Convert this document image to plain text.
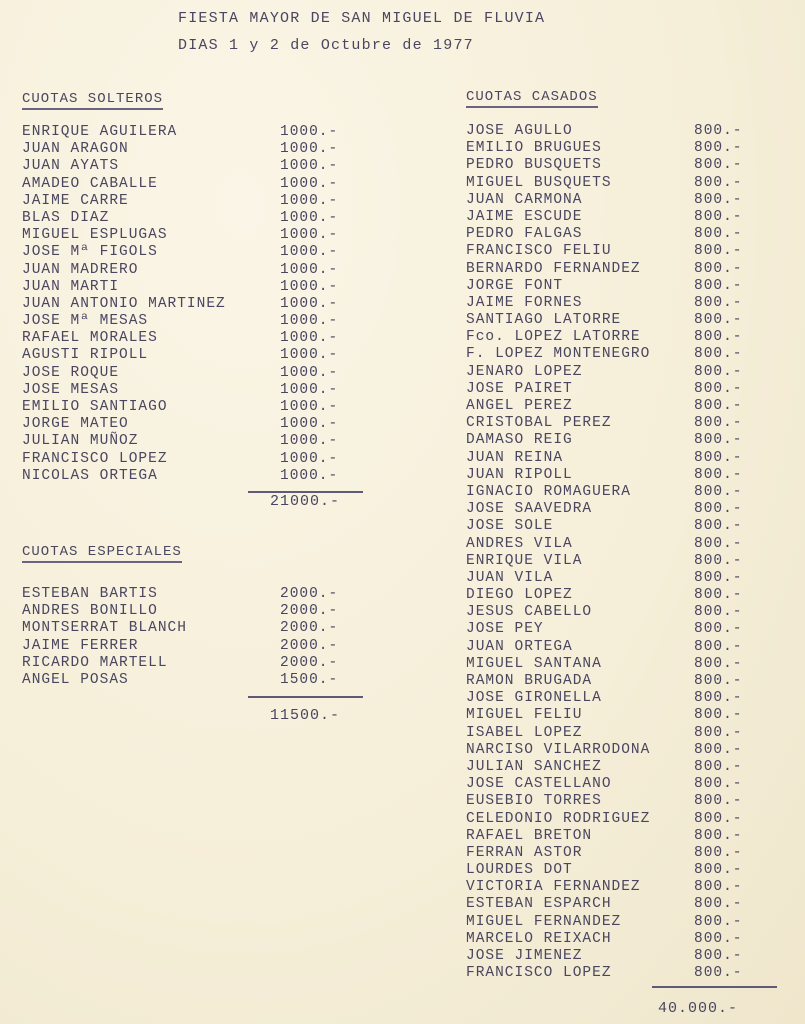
FIESTA MAYOR DE SAN MIGUEL DE FLUVIA
DIAS 1 y 2 de Octubre de 1977
CUOTAS SOLTEROS
ENRIQUE AGUILERA	1000.-
JUAN ARAGON	1000.-
JUAN AYATS	1000.-
AMADEO CABALLE	1000.-
JAIME CARRE	1000.-
BLAS DIAZ	1000.-
MIGUEL ESPLUGAS	1000.-
JOSE Mª FIGOLS	1000.-
JUAN MADRERO	1000.-
JUAN MARTI	1000.-
JUAN ANTONIO MARTINEZ	1000.-
JOSE Mª MESAS	1000.-
RAFAEL MORALES	1000.-
AGUSTI RIPOLL	1000.-
JOSE ROQUE	1000.-
JOSE MESAS	1000.-
EMILIO SANTIAGO	1000.-
JORGE MATEO	1000.-
JULIAN MUÑOZ	1000.-
FRANCISCO LOPEZ	1000.-
NICOLAS ORTEGA	1000.-
21000.-
CUOTAS ESPECIALES
ESTEBAN BARTIS	2000.-
ANDRES BONILLO	2000.-
MONTSERRAT BLANCH	2000.-
JAIME FERRER	2000.-
RICARDO MARTELL	2000.-
ANGEL POSAS	1500.-
11500.-
CUOTAS CASADOS
JOSE AGULLO	800.-
EMILIO BRUGUES	800.-
PEDRO BUSQUETS	800.-
MIGUEL BUSQUETS	800.-
JUAN CARMONA	800.-
JAIME ESCUDE	800.-
PEDRO FALGAS	800.-
FRANCISCO FELIU	800.-
BERNARDO FERNANDEZ	800.-
JORGE FONT	800.-
JAIME FORNES	800.-
SANTIAGO LATORRE	800.-
Fco. LOPEZ LATORRE	800.-
F. LOPEZ MONTENEGRO	800.-
JENARO LOPEZ	800.-
JOSE PAIRET	800.-
ANGEL PEREZ	800.-
CRISTOBAL PEREZ	800.-
DAMASO REIG	800.-
JUAN REINA	800.-
JUAN RIPOLL	800.-
IGNACIO ROMAGUERA	800.-
JOSE SAAVEDRA	800.-
JOSE SOLE	800.-
ANDRES VILA	800.-
ENRIQUE VILA	800.-
JUAN VILA	800.-
DIEGO LOPEZ	800.-
JESUS CABELLO	800.-
JOSE PEY	800.-
JUAN ORTEGA	800.-
MIGUEL SANTANA	800.-
RAMON BRUGADA	800.-
JOSE GIRONELLA	800.-
MIGUEL FELIU	800.-
ISABEL LOPEZ	800.-
NARCISO VILARRODONA	800.-
JULIAN SANCHEZ	800.-
JOSE CASTELLANO	800.-
EUSEBIO TORRES	800.-
CELEDONIO RODRIGUEZ	800.-
RAFAEL BRETON	800.-
FERRAN ASTOR	800.-
LOURDES DOT	800.-
VICTORIA FERNANDEZ	800.-
ESTEBAN ESPARCH	800.-
MIGUEL FERNANDEZ	800.-
MARCELO REIXACH	800.-
JOSE JIMENEZ	800.-
FRANCISCO LOPEZ	800.-
40.000.-
